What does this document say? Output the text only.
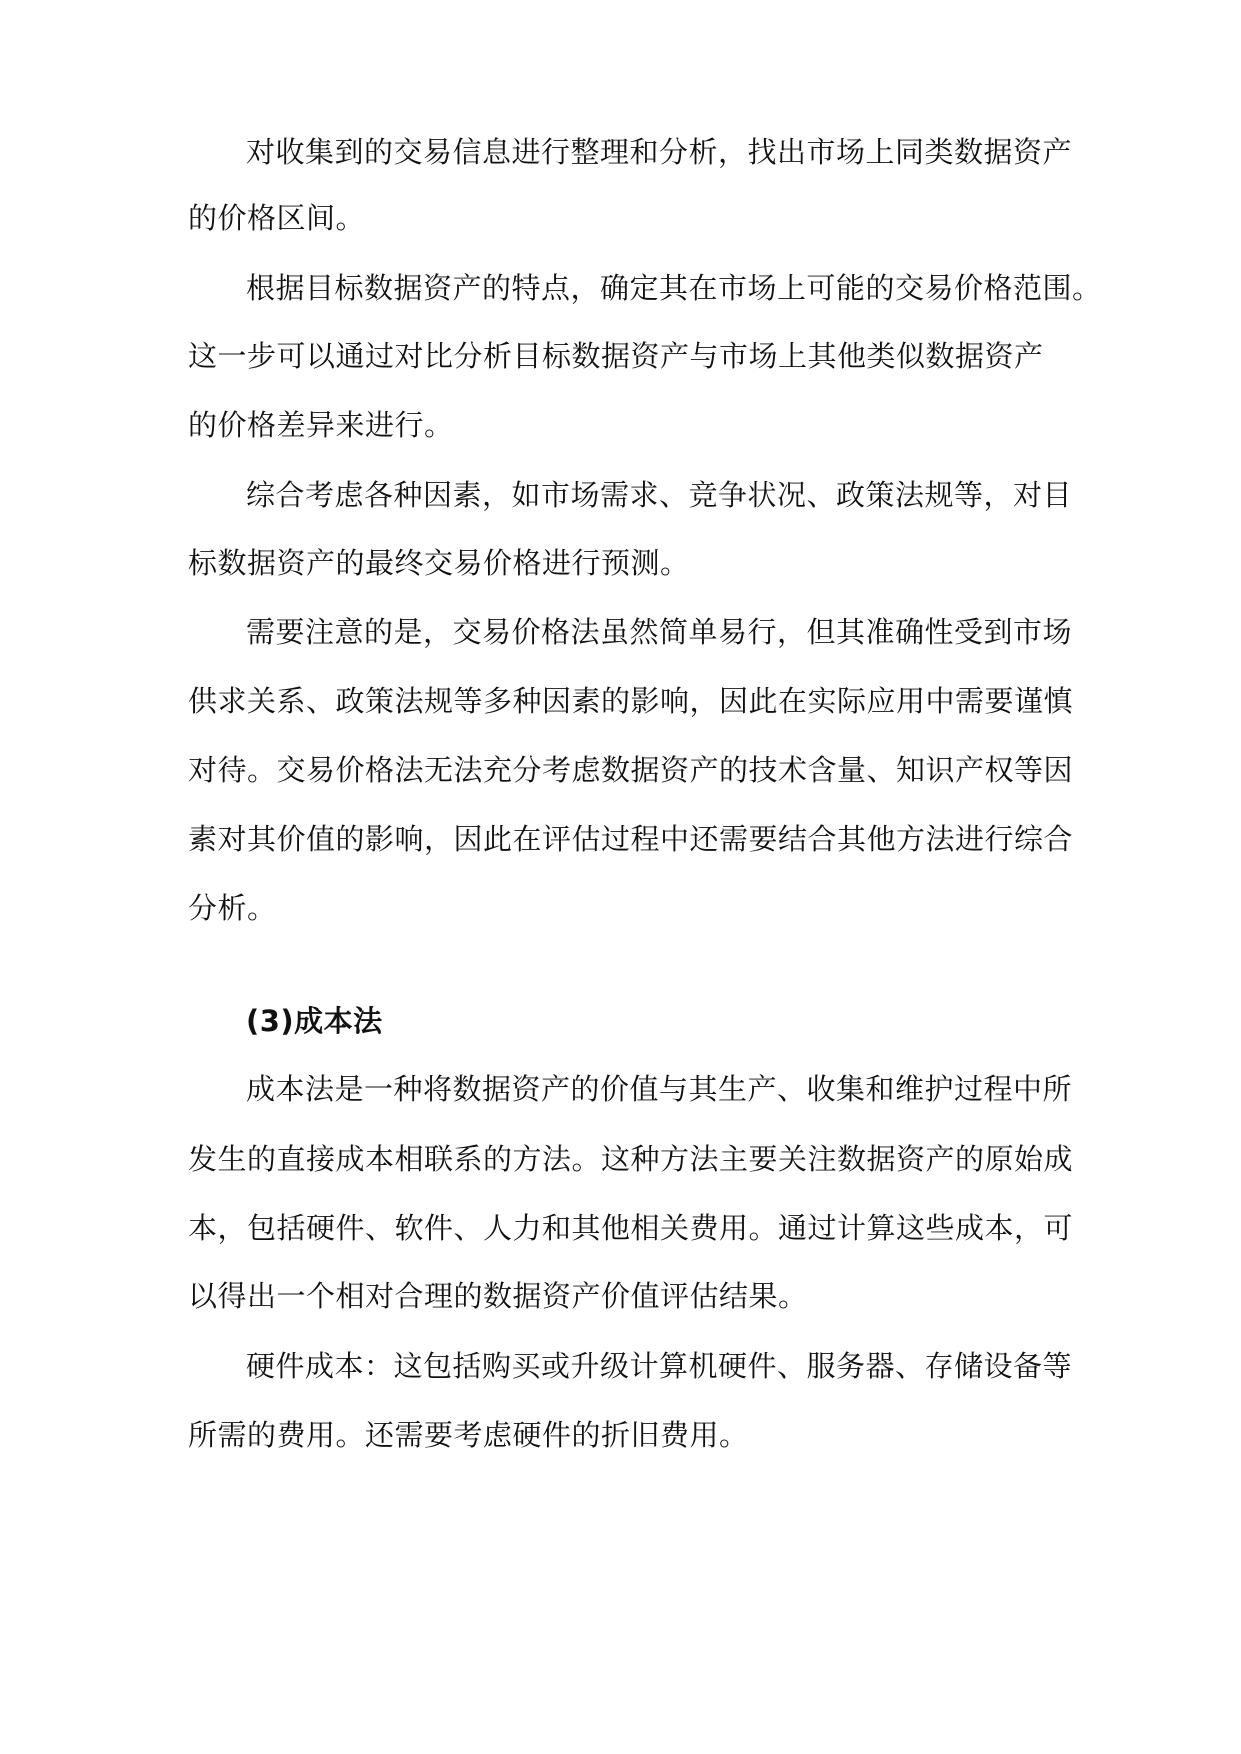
对收集到的交易信息进行整理和分析，找出市场上同类数据资产

的价格区间。

根据目标数据资产的特点，确定其在市场上可能的交易价格范围。

这一步可以通过对比分析目标数据资产与市场上其他类似数据资产

的价格差异来进行。

综合考虑各种因素，如市场需求、竞争状况、政策法规等，对目

标数据资产的最终交易价格进行预测。

需要注意的是，交易价格法虽然简单易行，但其准确性受到市场

供求关系、政策法规等多种因素的影响，因此在实际应用中需要谨慎

对待。交易价格法无法充分考虑数据资产的技术含量、知识产权等因

素对其价值的影响，因此在评估过程中还需要结合其他方法进行综合

分析。

(3)成本法

成本法是一种将数据资产的价值与其生产、收集和维护过程中所

发生的直接成本相联系的方法。这种方法主要关注数据资产的原始成

本，包括硬件、软件、人力和其他相关费用。通过计算这些成本，可

以得出一个相对合理的数据资产价值评估结果。

硬件成本：这包括购买或升级计算机硬件、服务器、存储设备等

所需的费用。还需要考虑硬件的折旧费用。
